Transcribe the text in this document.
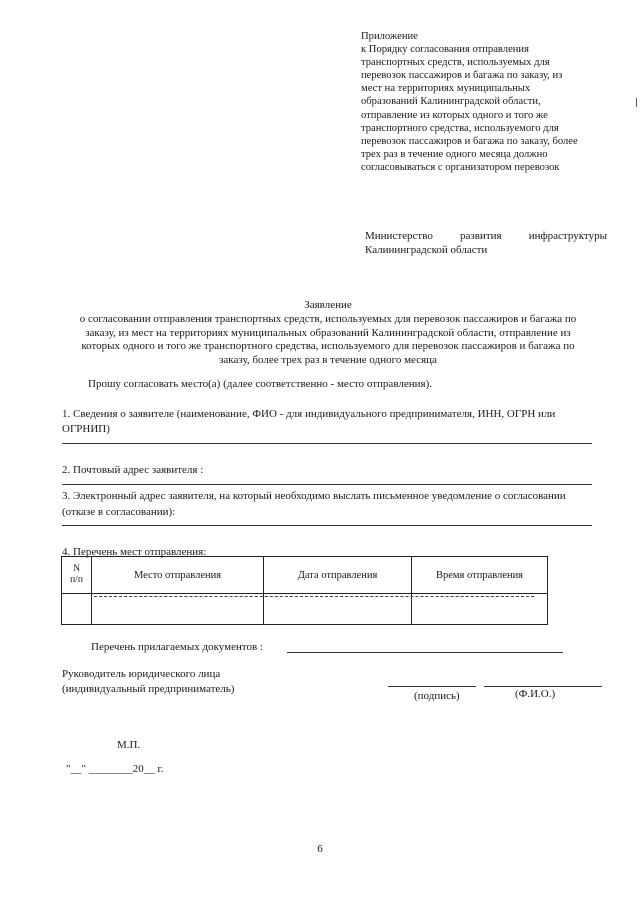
Приложение
к Порядку согласования отправления
транспортных средств, используемых для
перевозок пассажиров и багажа по заказу, из
мест на территориях муниципальных
образований Калининградской области,
отправление из которых одного и того же
транспортного средства, используемого для
перевозок пассажиров и багажа по заказу, более
трех раз в течение одного месяца должно
согласовываться с организатором перевозок
Министерство развития инфраструктуры
Калининградской области
Заявление
о согласовании отправления транспортных средств, используемых для перевозок пассажиров и багажа по
заказу, из мест на территориях муниципальных образований Калининградской области, отправление из
которых одного и того же транспортного средства, используемого для перевозок пассажиров и багажа по
заказу, более трех раз в течение одного месяца
Прошу согласовать место(а) (далее соответственно - место отправления).
1. Сведения о заявителе (наименование, ФИО - для индивидуального предпринимателя, ИНН, ОГРН или
ОГРНИП)
2. Почтовый адрес заявителя :
3. Электронный адрес заявителя, на который необходимо выслать письменное уведомление о согласовании
(отказе в согласовании):
4. Перечень мест отправления:
N
п/п	Место отправления	Дата отправления	Время отправления

Перечень прилагаемых документов :
Руководитель юридического лица
(индивидуальный предприниматель)
(подпись)	(Ф.И.О.)
М.П.
"__" ________20__ г.
6
